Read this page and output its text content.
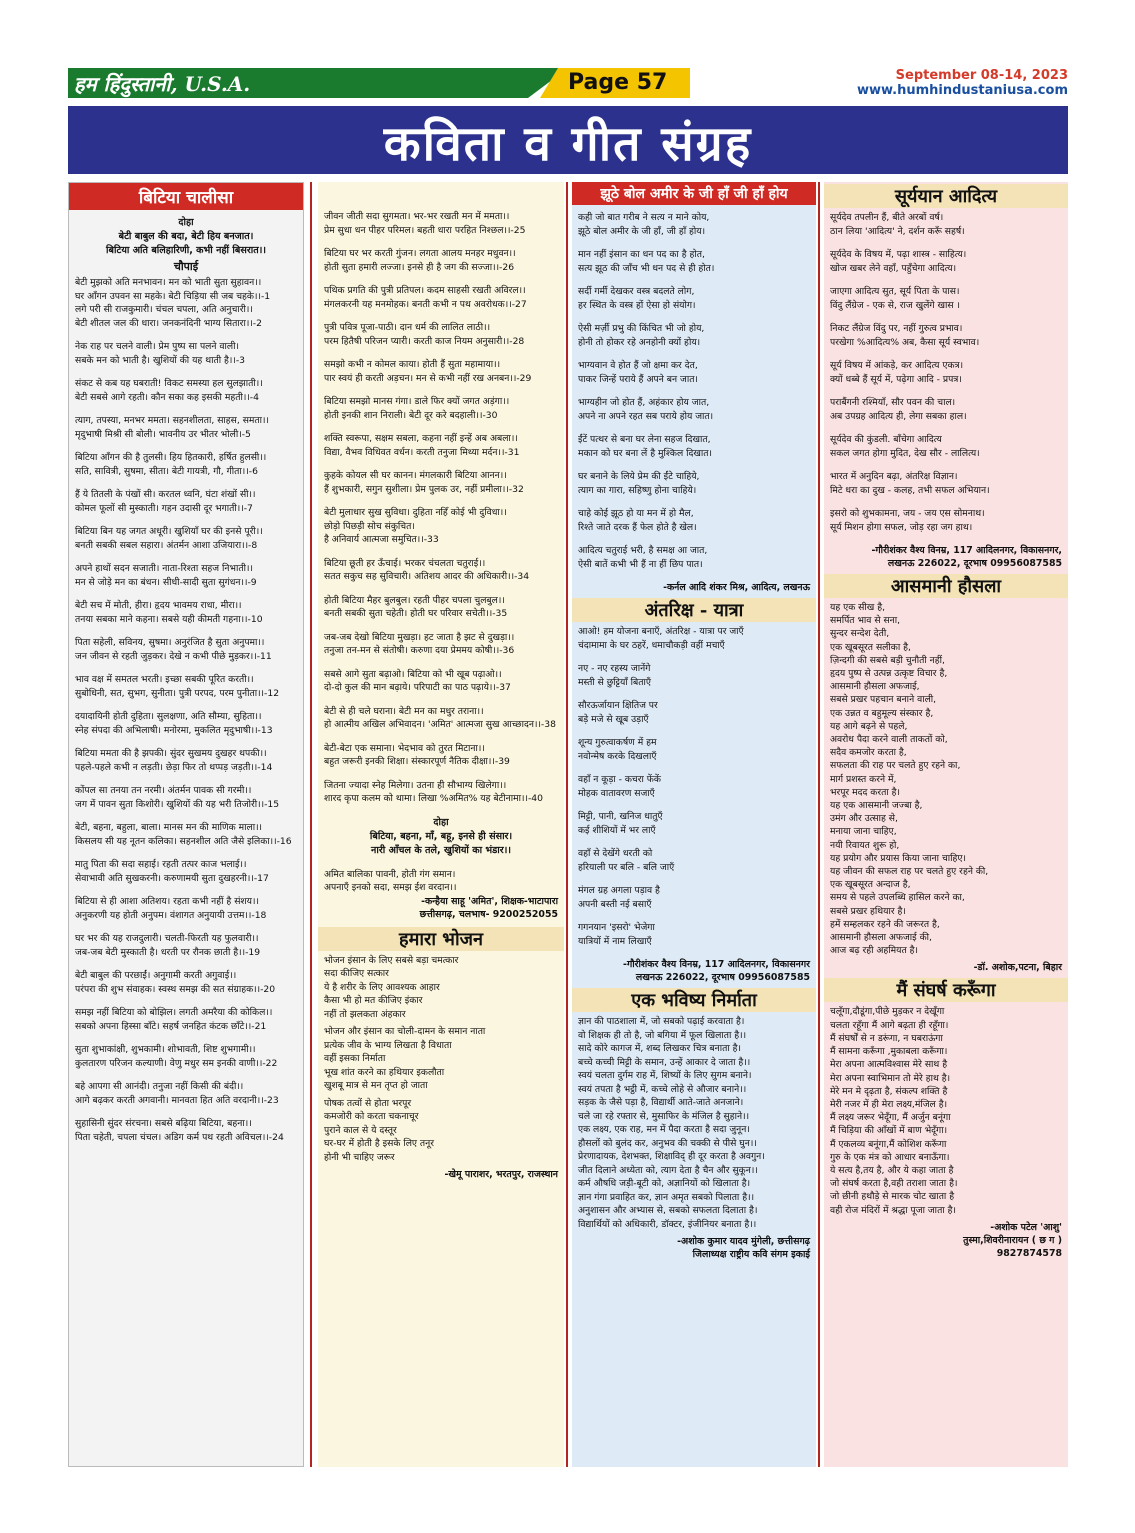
हम हिंदुस्तानी, U.S.A.	Page 57	September 08-14, 2023
www.humhindustaniusa.com
कविता व गीत संग्रह
बिटिया चालीसा
दोहा
बेटी बाबुल की बदा, बेटी हिय बनजात।
बिटिया अति बलिहारिणी, कभी नहीं बिसरात।।
चौपाई
बेटी मुझको अति मनभावन। मन को भाती सुता सुहावन।।
घर आँगन उपवन सा महके। बेटी चिड़िया सी जब चहके।।-1
लगे परी सी राजकुमारी। चंचल चपला, अति अनुचारी।।
बेटी शीतल जल की धारा। जनकनंदिनी भाग्य सितारा।।-2
नेक राह पर चलने वाली। प्रेम पुष्प सा पलने वाली।
सबके मन को भाती है। खुशियों की यह थाती है।।-3
संकट से कब यह घबराती! विकट समस्या हल सुलझाती।।
बेटी सबसे आगे रहती। कौन सका कह इसकी महती।।-4
त्याग, तपस्या, मनभर ममता। सहनशीलता, साहस, समता।।
मृदुभाषी मिश्री सी बोली। भावनीय उर भीतर भोली।-5
बिटिया आँगन की है तुलसी। हिय हितकारी, हर्षित हुलसी।।
सति, सावित्री, सुषमा, सीता। बेटी गायत्री, गौ, गीता।।-6
हैं ये तितली के पंखों सी। करतल ध्वनि, घंटा शंखों सी।।
कोमल फूलों सी मुस्काती। गहन उदासी दूर भगाती।।-7
बिटिया बिन यह जगत अधूरी। खुशियाँ घर की इनसे पूरी।।
बनती सबकी सबल सहारा। अंतर्मन आशा उजियारा।।-8
अपने हाथों सदन सजाती। नाता-रिश्ता सहज निभाती।।
मन से जोड़े मन का बंधन। सीधी-सादी सुता सुगंधन।।-9
बेटी सच में मोती, हीरा। हृदय भावमय राधा, मीरा।।
तनया सबका माने कहना। सबसे यही कीमती गहना।।-10
पिता सहेली, सविनय, सुषमा। अनुरंजित है सुता अनुपमा।।
जन जीवन से रहती जुड़कर। देखे न कभी पीछे मुड़कर।।-11
भाव वक्ष में समतल भरती। इच्छा सबकी पूरित करती।।
सुबोधिनी, सत, सुभग, सुनीता। पुत्री परपद, परम पुनीता।।-12
दयादायिनी होती दुहिता। सुलक्षणा, अति सौम्या, सुहिता।।
स्नेह संपदा की अभिलाषी। मनोरमा, मुकलित मृदुभाषी।।-13
बिटिया ममता की है झपकी। सुंदर सुखमय दुखहर थपकी।।
पहले-पहले कभी न लड़ती। छेड़ा फिर तो थप्पड़ जड़ती।।-14
कोंपल सा तनया तन नरमी। अंतर्मन पावक सी गरमी।।
जग में पावन सुता किशोरी। खुशियों की यह भरी तिजोरी।।-15
बेटी, बहना, बहुला, बाला। मानस मन की माणिक माला।।
किसलय सी यह नूतन कलिका। सहनशील अति जैसे इलिका।।-16
मातु पिता की सदा सहाई। रहती तत्पर काज भलाई।।
सेवाभावी अति सुखकरनी। करुणामयी सुता दुखहरनी।।-17
बिटिया से ही आशा अतिशय। रहता कभी नहीं है संशय।।
अनुकरणी यह होती अनुपम। वंशागत अनुयायी उत्तम।।-18
घर भर की यह राजदुलारी। चलती-फिरती यह फुलवारी।।
जब-जब बेटी मुस्काती है। धरती पर रौनक छाती है।।-19
बेटी बाबुल की परछाईं। अनुगामी करती अगुवाई।।
परंपरा की शुभ संवाहक। स्वस्थ समझ की सत संग्राहक।।-20
समझ नहीं बिटिया को बोझिल। लगती अमरैया की कोकिल।।
सबको अपना हिस्सा बाँटे। सहर्ष जनहित कंटक छाँटे।।-21
सुता शुभाकांक्षी, शुभकामी। शोभावती, शिष्ट शुभगामी।।
कुलतारण परिजन कल्याणी। वेणु मधुर सम इनकी वाणी।।-22
बहे आपगा सी आनंदी। तनुजा नहीं किसी की बंदी।।
आगे बढ़कर करती अगवानी। मानवता हित अति वरदानी।।-23
सुहासिनी सुंदर संरचना। सबसे बढ़िया बिटिया, बहना।।
पिता चहेती, चपला चंचल। अडिग कर्म पथ रहती अविचल।।-24
जीवन जीती सदा सुगमता। भर-भर रखती मन में ममता।।
प्रेम सुधा धन पीहर परिमल। बहती धारा परहित निश्छल।।-25
बिटिया घर भर करती गुंजन। लगता आलय मनहर मधुवन।।
होती सुता हमारी लज्जा। इनसे ही है जग की सज्जा।।-26
पथिक प्रगति की पुत्री प्रतिपल। कदम साहसी रखती अविरल।।
मंगलकरनी यह मनमोहक। बनती कभी न पथ अवरोधक।।-27
पुत्री पवित्र पूजा-पाठी। दान धर्म की लालित लाठी।।
परम हितैषी परिजन प्यारी। करती काज नियम अनुसारी।।-28
समझो कभी न कोमल काया। होती हैं सुता महामाया।।
पार स्वयं ही करती अड़चन। मन से कभी नहीं रख अनबन।।-29
बिटिया समझो मानस गंगा। डाले फिर क्यों जगत अड़ंगा।।
होती इनकी शान निराली। बेटी दूर करे बदहाली।।-30
शक्ति स्वरूपा, सक्षम सबला, कहना नहीं इन्हें अब अबला।।
विद्या, वैभव विधिवत वर्धन। करती तनुजा मिथ्या मर्दन।।-31
कुहके कोयल सी घर कानन। मंगलकारी बिटिया आनन।।
हैं शुभकारी, सगुन सुशीला। प्रेम पुलक उर, नहीं प्रमीला।।-32
बेटी मुलाधार सुख सुविधा। दुहिता नहिँ कोई भी दुविधा।।
छोड़ो पिछड़ी सोच संकुचित।
है अनिवार्य आत्मजा समुचित।।-33
बिटिया छूती हर ऊँचाई। भरकर चंचलता चतुराई।।
सतत सकुच सह सुविचारी। अतिशय आदर की अधिकारी।।-34
होती बिटिया मैहर बुलबुल। रहती पीहर चपला चुलबुल।।
बनती सबकी सुता चहेती। होती घर परिवार सचेती।।-35
जब-जब देखो बिटिया मुखड़ा। हट जाता है झट से दुखड़ा।।
तनुजा तन-मन से संतोषी। करुणा दया प्रेममय कोषी।।-36
सबसे आगे सुता बढ़ाओ। बिटिया को भी खूब पढ़ाओ।।
दो-दो कुल की मान बढ़ाये। परिपाटी का पाठ पढ़ाये।।-37
बेटी से ही चले घराना। बेटी मन का मधुर तराना।।
हो आत्मीय अखिल अभिवादन। 'अमित' आत्मजा सुख आच्छादन।।-38
बेटी-बेटा एक समाना। भेदभाव को तुरत मिटाना।।
बहुत जरूरी इनकी शिक्षा। संस्कारपूर्ण नैतिक दीक्षा।।-39
जितना ज्यादा स्नेह मिलेगा। उतना ही सौभाग्य खिलेगा।।
शारद कृपा कलम को थामा। लिखा %अमित% यह बेटीनामा।।-40
दोहा
बिटिया, बहना, माँ, बहू, इनसे ही संसार।
नारी आँचल के तले, खुशियों का भंडार।।
अमित बालिका पावनी, होती गंग समान।
अपनाएँ इनको सदा, समझ ईश वरदान।।
-कन्हैया साहू 'अमित', शिक्षक-भाटापारा
छत्तीसगढ़, चलभाष- 9200252055
हमारा भोजन
भोजन इंसान के लिए सबसे बड़ा चमत्कार
सदा कीजिए सत्कार
ये है शरीर के लिए आवश्यक आहार
कैसा भी हो मत कीजिए इंकार
नहीं तो झलकता अंहकार
भोजन और इंसान का चोली-दामन के समान नाता
प्रत्येक जीव के भाग्य लिखता है विधाता
वहीं इसका निर्माता
भूख शांत करने का हथियार इकलौता
खुशबू मात्र से मन तृप्त हो जाता
पोषक तत्वों से होता भरपूर
कमजोरी को करता चकनाचूर
पुराने काल से ये दस्तूर
घर-घर में होती है इसके लिए तनूर
होनी भी चाहिए जरूर
-खेमू पाराशर, भरतपुर, राजस्थान
झूठे बोल अमीर के जी हाँ जी हाँ होय
कही जो बात गरीब ने सत्य न माने कोय,
झूठे बोल अमीर के जी हाँ, जी हाँ होय।
मान नहीं इंसान का धन पद का है होत,
सत्य झूठ की जाँच भी धन पद से ही होत।
सर्दी गर्मी देखकर वस्त्र बदलते लोग,
हर स्थित के वस्त्र हों ऐसा हो संयोग।
ऐसी मर्ज़ी प्रभु की किंचित भी जो होय,
होनी तो होकर रहे अनहोनी क्यों होय।
भाग्यवान वे होत हैं जो क्षमा कर देत,
पाकर जिन्हें पराये हैं अपने बन जात।
भाग्यहीन जो होत हैं, अहंकार होय जात,
अपने ना अपने रहत सब पराये होय जात।
ईंटें पत्थर से बना घर लेना सहज दिखात,
मकान को घर बना लें है मुश्किल दिखात।
घर बनाने के लिये प्रेम की ईंटे चाहिये,
त्याग का गारा, सहिष्णु होना चाहिये।
चाहे कोई झूठ हो या मन में हो मैल,
रिश्ते जाते दरक हैं फेल होते है खेल।
आदित्य चतुराई भरी, है समक्ष आ जात,
ऐसी बातें कभी भी हैं ना हीं छिप पात।
-कर्नल आदि शंकर मिश्र, आदित्य, लखनऊ
अंतरिक्ष - यात्रा
आओ! हम योजना बनाएँ, अंतरिक्ष - यात्रा पर जाएँ
चंदामामा के घर ठहरें, धमाचौकड़ी वहीं मचाएँ
नए - नए रहस्य जानेंगे
मस्ती से छुट्टियाँ बिताएँ
सौरऊर्जायान क्षितिज पर
बड़े मजे से खूब उड़ाएँ
शून्य गुरुत्वाकर्षण में हम
नवोन्मेष करके दिखलाएँ
वहाँ न कूड़ा - कचरा फेंकें
मोहक वातावरण सजाएँ
मिट्टी, पानी, खनिज धातुएँ
कई शीशियों में भर लाएँ
वहाँ से देखेंगे धरती को
हरियाली पर बलि - बलि जाएँ
मंगल ग्रह अगला पड़ाव है
अपनी बस्ती नई बसाएँ
गगनयान 'इसरो' भेजेगा
यात्रियों में नाम लिखाएँ
-गौरीशंकर वैश्य विनम्र, 117 आदिलनगर, विकासनगर
लखनऊ 226022, दूरभाष 09956087585
एक भविष्य निर्माता
ज्ञान की पाठशाला में, जो सबको पढ़ाई करवाता है।
वो शिक्षक ही तो है, जो बगिया में फूल खिलाता है।।
सादे कोरे कागज में, शब्द लिखकर चित्र बनाता है।
बच्चे कच्ची मिट्टी के समान, उन्हें आकार दे जाता है।।
स्वयं चलता दुर्गम राह में, शिष्यों के लिए सुगम बनाने।
स्वयं तपता है भट्ठी में, कच्चे लोहे से औजार बनाने।।
सड़क के जैसे पड़ा है, विद्यार्थी आते-जाते अनजाने।
चले जा रहे रफ्तार से, मुसाफिर के मंजिल है सुहाने।।
एक लक्ष्य, एक राह, मन में पैदा करता है सदा जुनून।
हौसलों को बुलंद कर, अनुभव की चक्की से पीसे घुन।।
प्रेरणादायक, देशभक्त, शिक्षाविद् ही दूर करता है अवगुन।
जीत दिलाने अध्येता को, त्याग देता है चैन और सुकून।।
कर्म औषधि जड़ी-बूटी को, अज्ञानियों को खिलाता है।
ज्ञान गंगा प्रवाहित कर, ज्ञान अमृत सबको पिलाता है।।
अनुशासन और अभ्यास से, सबको सफलता दिलाता है।
विद्यार्थियों को अधिकारी, डॉक्टर, इंजीनियर बनाता है।।
-अशोक कुमार यादव मुंगेली, छत्तीसगढ़
जिलाध्यक्ष राष्ट्रीय कवि संगम इकाई
सूर्ययान आदित्य
सूर्यदेव तपलीन हैं, बीते अरबों वर्ष।
ठान लिया 'आदित्य' ने, दर्शन करूँ सहर्ष।
सूर्यदेव के विषय में, पढ़ा शास्त्र - साहित्य।
खोज खबर लेने वहाँ, पहुँचेगा आदित्य।
जाएगा आदित्य सुत, सूर्य पिता के पास।
विंदु लैंग्रेज - एक से, राज खुलेंगे खास ।
निकट लैंग्रेज विंदु पर, नहीं गुरुत्व प्रभाव।
परखेगा %आदित्य% अब, कैसा सूर्य स्वभाव।
सूर्य विषय में आंकड़े, कर आदित्य एकत्र।
क्यों धब्बे हैं सूर्य में, पढ़ेगा आदि - प्रपत्र।
पराबैंगनी रश्मियाँ, सौर पवन की चाल।
अब उपग्रह आदित्य ही, लेगा सबका हाल।
सूर्यदेव की कुंडली. बाँचेगा आदित्य
सकल जगत होगा मुदित, देख सौर - लालित्य।
भारत में अनुदिन बढ़ा, अंतरिक्ष विज्ञान।
मिटे धरा का दुख - कलह, तभी सफल अभियान।
इसरो को शुभकामना, जय - जय एस सोमनाथ।
सूर्य मिशन होगा सफल, जोड़ रहा जग हाथ।
-गौरीशंकर वैश्य विनम्र, 117 आदिलनगर, विकासनगर,
लखनऊ 226022, दूरभाष 09956087585
आसमानी हौसला
यह एक सीख है,
समर्पित भाव से सना,
सुन्दर सन्देश देती,
एक खूबसूरत सलीका है,
ज़िन्दगी की सबसे बड़ी चुनौती नहीं,
हृदय पुष्प से उत्पन्न उत्कृष्ट विचार है,
आसमानी हौसला अफजाई,
सबसे प्रखर पहचान बनाने वाली,
एक उन्नत व बहुमूल्य संस्कार है,
यह आगे बढ़ने से पहले,
अवरोध पैदा करने वाली ताकतों को,
सदैव कमजोर करता है,
सफलता की राह पर चलते हुए रहने का,
मार्ग प्रशस्त करने में,
भरपूर मदद करता है।
यह एक आसमानी जज्बा है,
उमंग और उत्साह से,
मनाया जाना चाहिए,
नयी रिवायत शुरू हो,
यह प्रयोग और प्रयास किया जाना चाहिए।
यह जीवन की सफल राह पर चलते हुए रहने की,
एक खूबसूरत अन्दाज है,
समय से पहले उपलब्धि हासिल करने का,
सबसे प्रखर हथियार है।
हमें सम्हलकर रहने की जरूरत है,
आसमानी हौसला अफजाई की,
आज बढ़ रही अहमियत है।
-डॉ. अशोक,पटना, बिहार
मैं संघर्ष करूँगा
चलूँगा,दौडूंगा,पीछे मुड़कर न देखूँगा
चलता रहूँगा मैं आगे बढ़ता ही रहूँगा।
मैं संघर्षों से न डरूंगा, न घबराऊंगा
मैं सामना करूँगा ,मुकाबला करूँगा।
मेरा अपना आत्मविश्वास मेरे साथ है
मेरा अपना स्वाभिमान तो मेरे हाथ है।
मेरे मन मे दृढ़ता है, संकल्प शक्ति है
मेरी नजर में ही मेरा लक्ष्य,मंजिल है।
मैं लक्ष्य जरूर भेदूँगा, मैं अर्जुन बनूंगा
मैं चिड़िया की आँखों में बाण भेदूँगा।
मैं एकलव्य बनूंगा,मैं कोशिश करूँगा
गुरु के एक मंत्र को आधार बनाऊँगा।
ये सत्य है,तय है, और ये कहा जाता है
जो संघर्ष करता है,वही तराशा जाता है।
जो छीनी हथौड़े से मारक चोट खाता है
वही रोज मंदिरों में श्रद्धा पूजा जाता है।
-अशोक पटेल 'आशु'
तुस्मा,शिवरीनारायन ( छ ग )
9827874578
